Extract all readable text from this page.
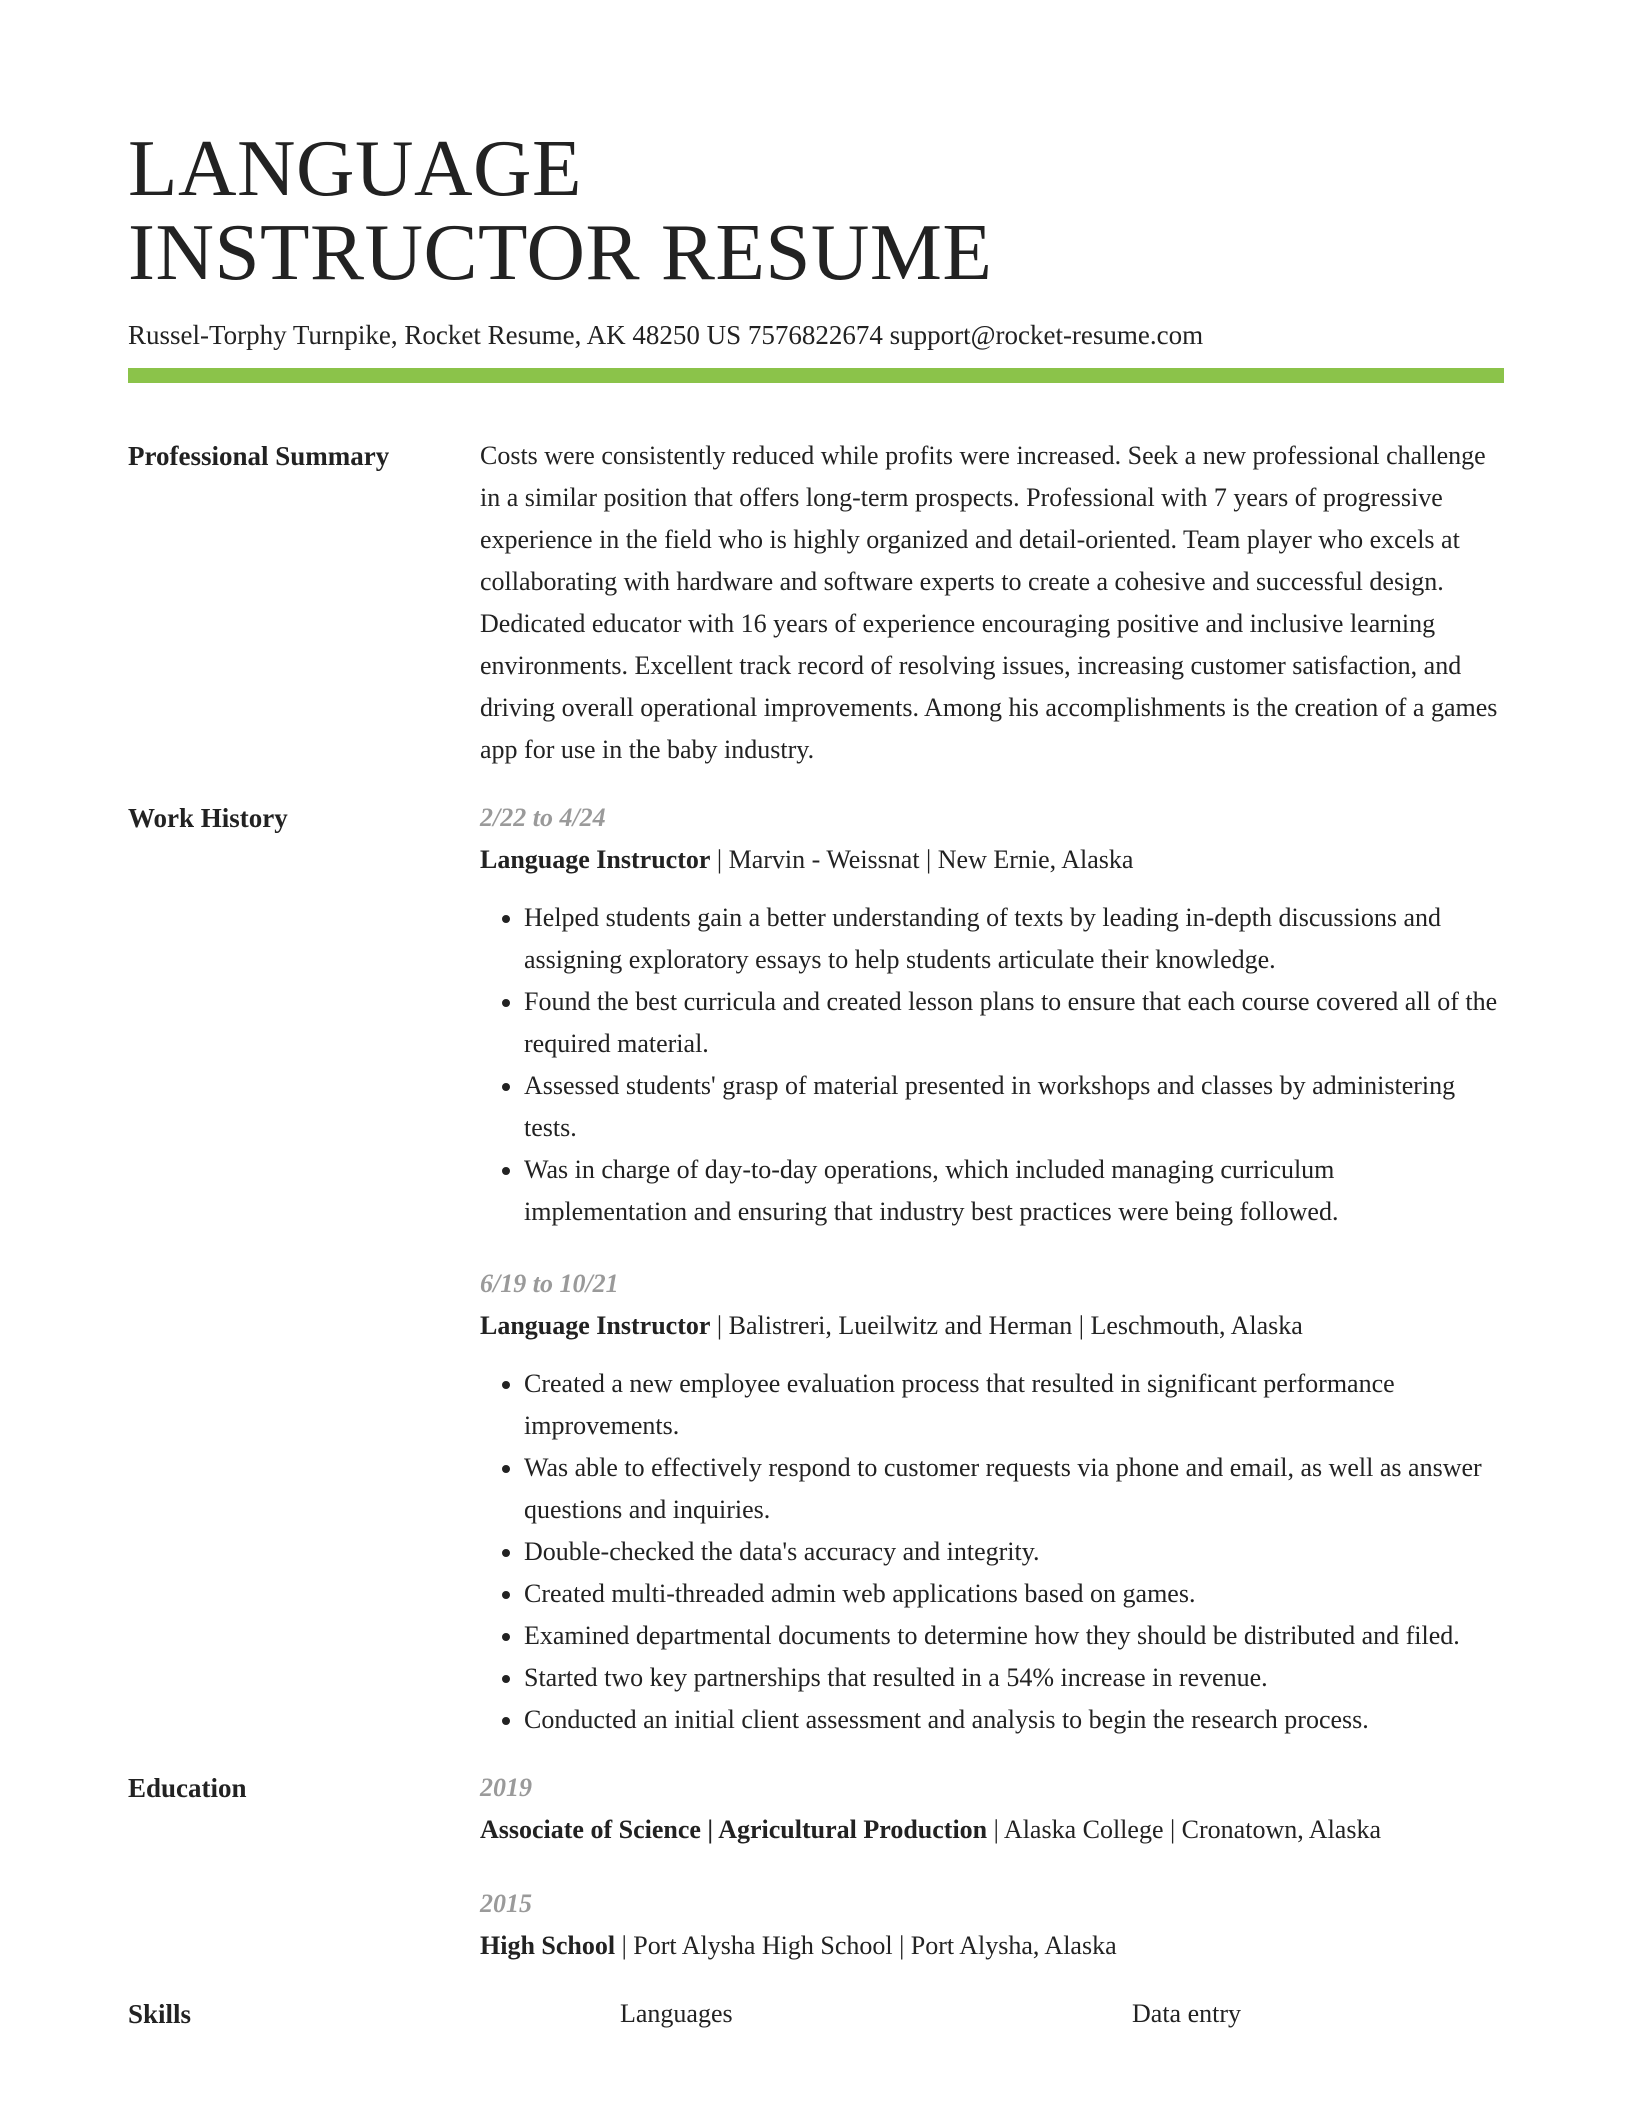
LANGUAGE
INSTRUCTOR RESUME
Russel-Torphy Turnpike, Rocket Resume, AK 48250 US 7576822674 support@rocket-resume.com
Professional Summary	Costs were consistently reduced while profits were increased. Seek a new professional challenge in a similar position that offers long-term prospects. Professional with 7 years of progressive experience in the field who is highly organized and detail-oriented. Team player who excels at collaborating with hardware and software experts to create a cohesive and successful design. Dedicated educator with 16 years of experience encouraging positive and inclusive learning environments. Excellent track record of resolving issues, increasing customer satisfaction, and driving overall operational improvements. Among his accomplishments is the creation of a games app for use in the baby industry.

Work History	2/22 to 4/24
Language Instructor | Marvin - Weissnat | New Ernie, Alaska
• Helped students gain a better understanding of texts by leading in-depth discussions and assigning exploratory essays to help students articulate their knowledge.
• Found the best curricula and created lesson plans to ensure that each course covered all of the required material.
• Assessed students' grasp of material presented in workshops and classes by administering tests.
• Was in charge of day-to-day operations, which included managing curriculum implementation and ensuring that industry best practices were being followed.
6/19 to 10/21
Language Instructor | Balistreri, Lueilwitz and Herman | Leschmouth, Alaska
• Created a new employee evaluation process that resulted in significant performance improvements.
• Was able to effectively respond to customer requests via phone and email, as well as answer questions and inquiries.
• Double-checked the data's accuracy and integrity.
• Created multi-threaded admin web applications based on games.
• Examined departmental documents to determine how they should be distributed and filed.
• Started two key partnerships that resulted in a 54% increase in revenue.
• Conducted an initial client assessment and analysis to begin the research process.
Education	2019
Associate of Science | Agricultural Production | Alaska College | Cronatown, Alaska
2015
High School | Port Alysha High School | Port Alysha, Alaska
Skills	Languages	Data entry
